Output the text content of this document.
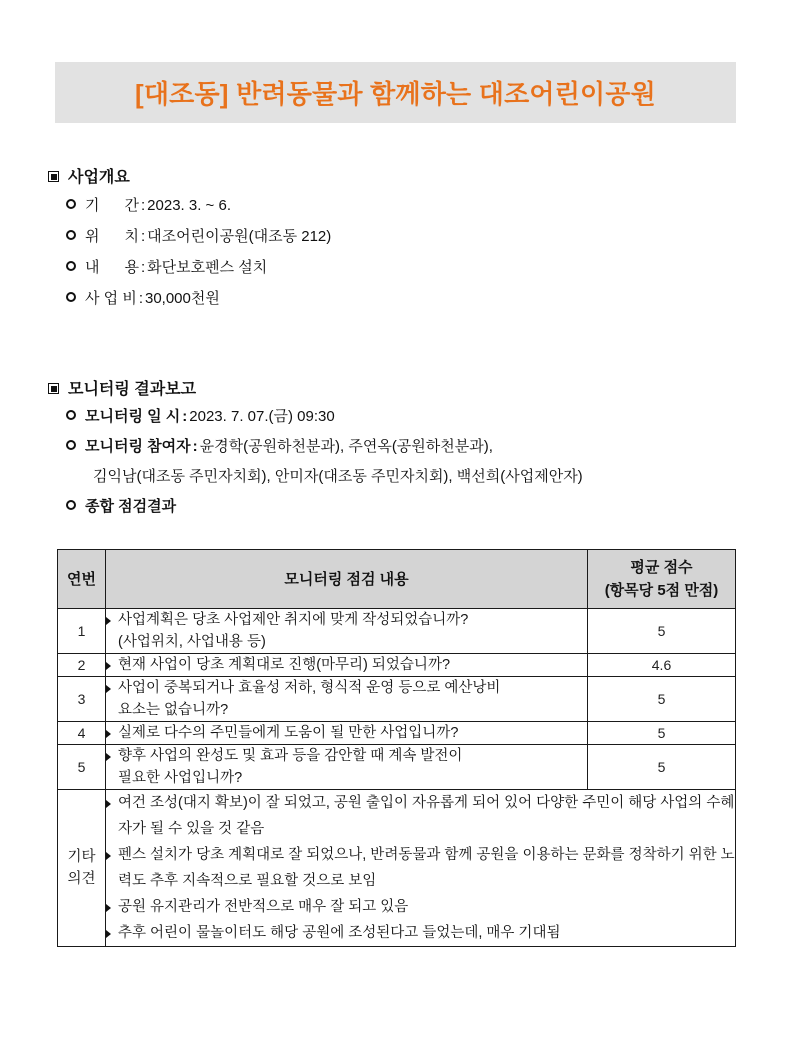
[대조동] 반려동물과 함께하는 대조어린이공원
사업개요
기      간 : 2023. 3. ~ 6.
위      치 : 대조어린이공원(대조동 212)
내      용 : 화단보호펜스 설치
사 업 비 : 30,000천원
모니터링 결과보고
모니터링 일 시 : 2023. 7. 07.(금) 09:30
모니터링 참여자 : 윤경학(공원하천분과), 주연옥(공원하천분과),
김익남(대조동 주민자치회), 안미자(대조동 주민자치회), 백선희(사업제안자)
종합 점검결과
연번	모니터링 점검 내용	평균 점수
(항목당 5점 만점)

1	사업계획은 당초 사업제안 취지에 맞게 작성되었습니까?
(사업위치, 사업내용 등)	5
2	현재 사업이 당초 계획대로 진행(마무리) 되었습니까?	4.6
3	사업이 중복되거나 효율성 저하, 형식적 운영 등으로 예산낭비
요소는 없습니까?	5
4	실제로 다수의 주민들에게 도움이 될 만한 사업입니까?	5
5	향후 사업의 완성도 및 효과 등을 감안할 때 계속 발전이
필요한 사업입니까?	5

기타
의견

여건 조성(대지 확보)이 잘 되었고, 공원 출입이 자유롭게 되어 있어 다양한 주민이 해당 사업의 수혜자가 될 수 있을 것 같음
펜스 설치가 당초 계획대로 잘 되었으나, 반려동물과 함께 공원을 이용하는 문화를 정착하기 위한 노력도 추후 지속적으로 필요할 것으로 보임
공원 유지관리가 전반적으로 매우 잘 되고 있음
추후 어린이 물놀이터도 해당 공원에 조성된다고 들었는데, 매우 기대됨
